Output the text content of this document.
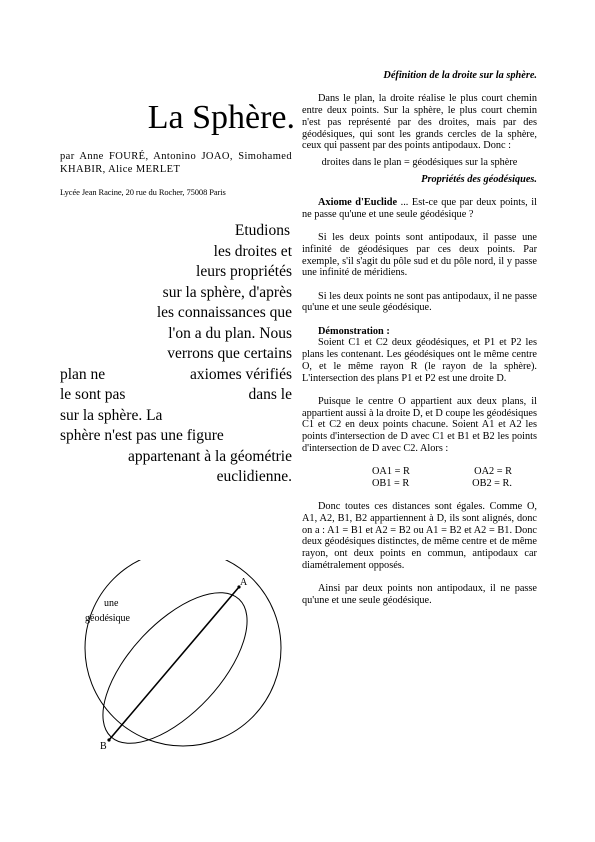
La Sphère.
par Anne FOURÉ, Antonino JOAO, Simohamed KHABIR, Alice MERLET
Lycée Jean Racine, 20 rue du Rocher, 75008 Paris
Etudions
les droites et
leurs propriétés
sur la sphère, d'après
les connaissances que
l'on a du plan. Nous
verrons que certains
plan ne	axiomes vérifiés
le sont pas	dans le
sur la sphère. La
sphère n'est pas une figure
appartenant à la géométrie
euclidienne.
A
B
une
géodésique

Définition de la droite sur la sphère.

Dans le plan, la droite réalise le plus court chemin entre deux points. Sur la sphère, le plus court chemin n'est pas représenté par des droites, mais par des géodésiques, qui sont les grands cercles de la sphère, ceux qui passent par des points antipodaux. Donc :

droites dans le plan = géodésiques sur la sphère

Propriétés des géodésiques.

Axiome d'Euclide ... Est-ce que par deux points, il ne passe qu'une et une seule géodésique ?

Si les deux points sont antipodaux, il passe une infinité de géodésiques par ces deux points. Par exemple, s'il s'agit du pôle sud et du pôle nord, il y passe une infinité de méridiens.

Si les deux points ne sont pas antipodaux, il ne passe qu'une et une seule géodésique.

Démonstration :

Soient C1 et C2 deux géodésiques, et P1 et P2 les plans les contenant. Les géodésiques ont le même centre O, et le même rayon R (le rayon de la sphère). L'intersection des plans P1 et P2 est une droite D.

Puisque le centre O appartient aux deux plans, il appartient aussi à la droite D, et D coupe les géodésiques C1 et C2 en deux points chacune. Soient A1 et A2 les points d'intersection de D avec C1 et B1 et B2 les points d'intersection de D avec C2. Alors :

OA1 = R	OA2 = R
OB1 = R	OB2 = R.

Donc toutes ces distances sont égales. Comme O, A1, A2, B1, B2 appartiennent à D, ils sont alignés, donc on a : A1 = B1 et A2 = B2 ou A1 = B2 et A2 = B1. Donc deux géodésiques distinctes, de même centre et de même rayon, ont deux points en commun, antipodaux car diamétralement opposés.

Ainsi par deux points non antipodaux, il ne passe qu'une et une seule géodésique.
